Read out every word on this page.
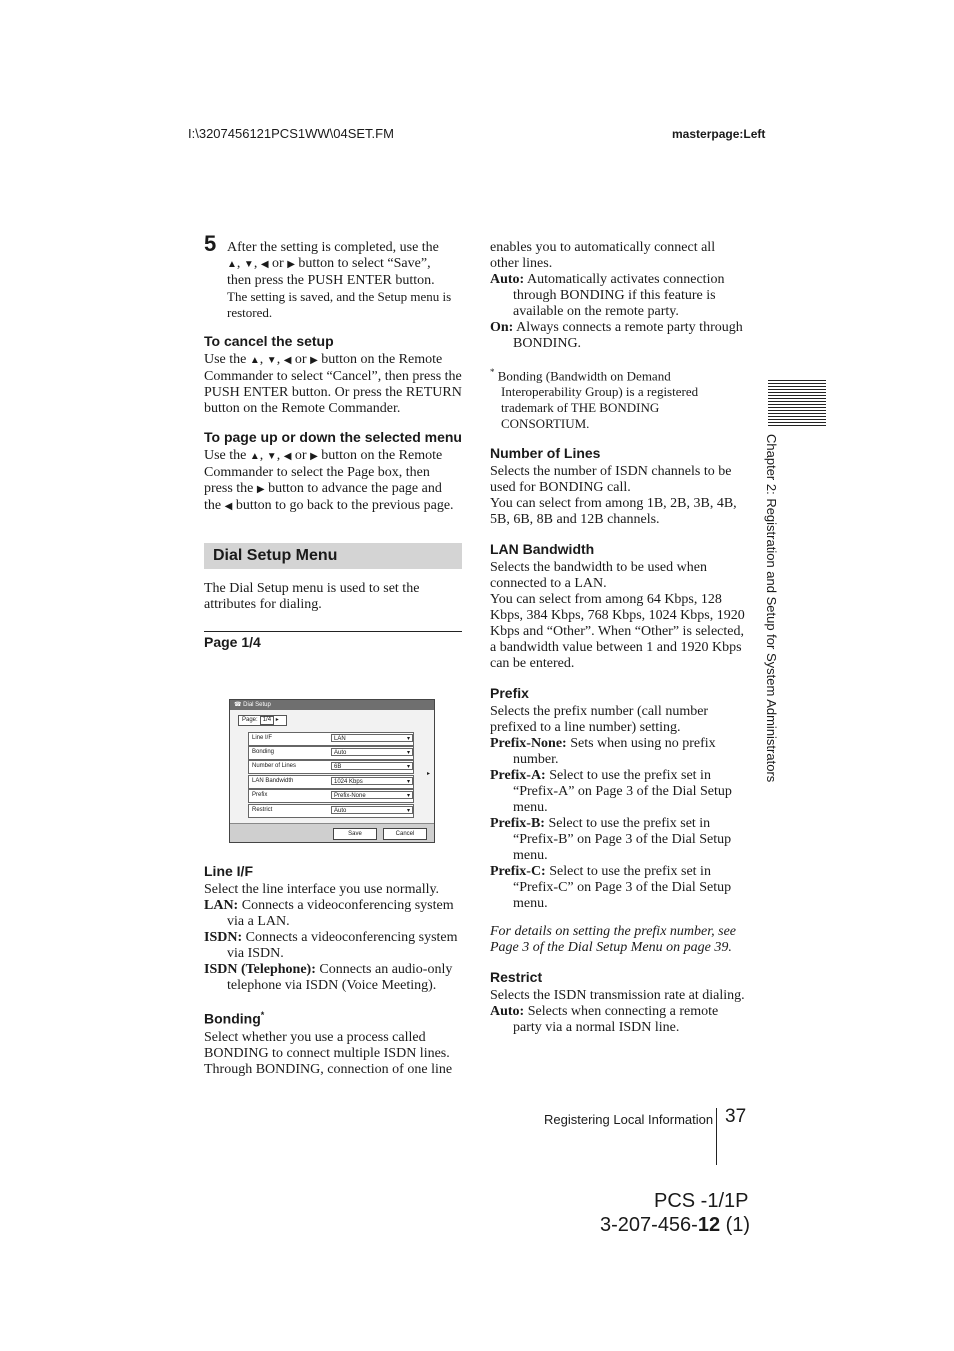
I:\3207456121PCS1WW\04SET.FM	masterpage:Left
5 After the setting is completed, use the

▲, ▼, ◀ or ▶ button to select “Save”,

then press the PUSH ENTER button.

The setting is saved, and the Setup menu is restored.

To cancel the setup

Use the ▲, ▼, ◀ or ▶ button on the Remote Commander to select “Cancel”, then press the PUSH ENTER button. Or press the RETURN button on the Remote Commander.

To page up or down the selected menu

Use the ▲, ▼, ◀ or ▶ button on the Remote Commander to select the Page box, then press the ▶ button to advance the page and the ◀ button to go back to the previous page.

Dial Setup Menu

The Dial Setup menu is used to set the attributes for dialing.

Page 1/4
☎ Dial Setup
Page: 1/4 ▸
Line I/F	LAN ▾
Bonding	Auto ▾
Number of Lines	6B ▾
LAN Bandwidth	1024 Kbps ▾
Prefix	Prefix-None ▾
Restrict	Auto ▾
▸
Save	Cancel
Line I/F

Select the line interface you use normally.

LAN: Connects a videoconferencing system via a LAN.

ISDN: Connects a videoconferencing system via ISDN.

ISDN (Telephone): Connects an audio-only telephone via ISDN (Voice Meeting).

Bonding*

Select whether you use a process called BONDING to connect multiple ISDN lines. Through BONDING, connection of one line

enables you to automatically connect all other lines.

Auto: Automatically activates connection through BONDING if this feature is available on the remote party.

On: Always connects a remote party through BONDING.

* Bonding (Bandwidth on Demand Interoperability Group) is a registered trademark of THE BONDING CONSORTIUM.

Number of Lines

Selects the number of ISDN channels to be used for BONDING call.

You can select from among 1B, 2B, 3B, 4B, 5B, 6B, 8B and 12B channels.

LAN Bandwidth

Selects the bandwidth to be used when connected to a LAN.

You can select from among 64 Kbps, 128 Kbps, 384 Kbps, 768 Kbps, 1024 Kbps, 1920 Kbps and “Other”. When “Other” is selected, a bandwidth value between 1 and 1920 Kbps can be entered.

Prefix

Selects the prefix number (call number prefixed to a line number) setting.

Prefix-None: Sets when using no prefix number.

Prefix-A: Select to use the prefix set in “Prefix-A” on Page 3 of the Dial Setup menu.

Prefix-B: Select to use the prefix set in “Prefix-B” on Page 3 of the Dial Setup menu.

Prefix-C: Select to use the prefix set in “Prefix-C” on Page 3 of the Dial Setup menu.

For details on setting the prefix number, see Page 3 of the Dial Setup Menu on page 39.

Restrict

Selects the ISDN transmission rate at dialing.

Auto: Selects when connecting a remote party via a normal ISDN line.

Chapter 2: Registration and Setup for System Administrators
Registering Local Information 37
PCS -1/1P
3-207-456-12 (1)
